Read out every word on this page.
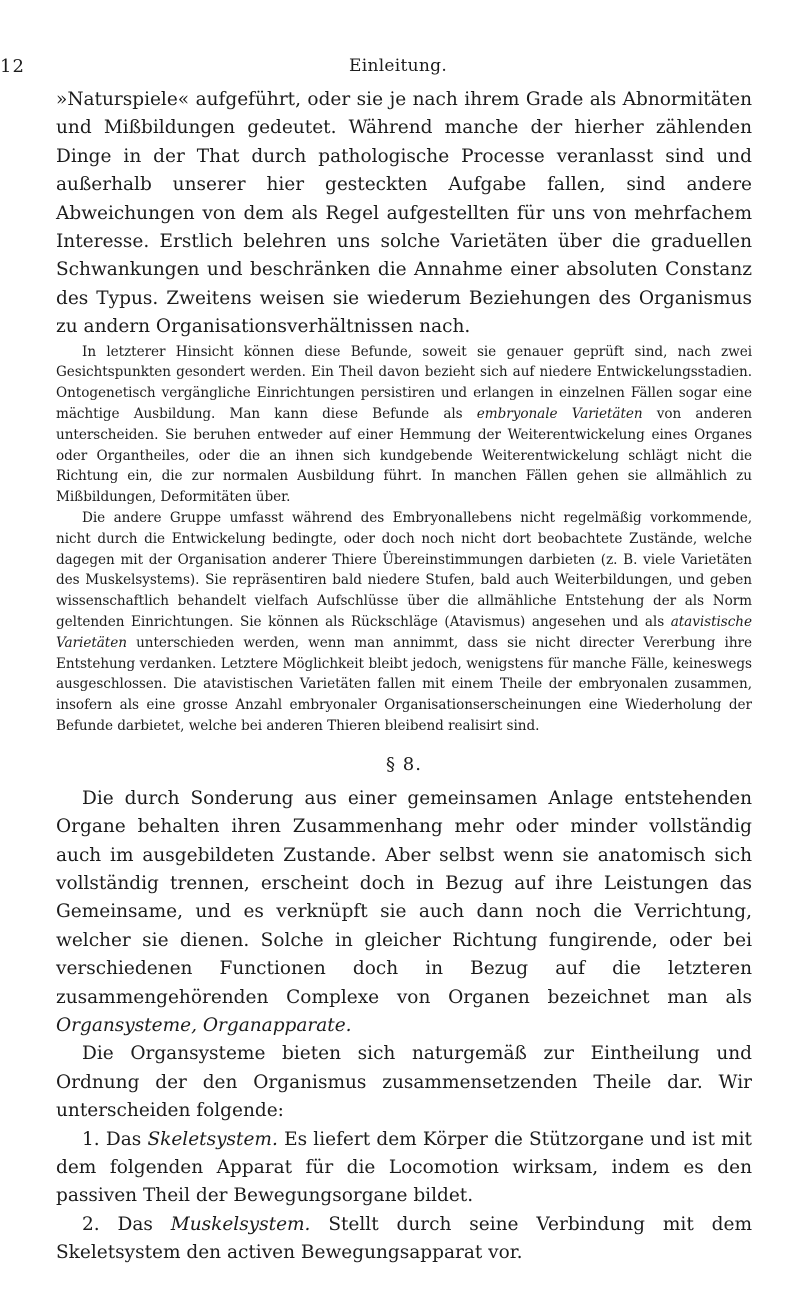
12	Einleitung.

»Naturspiele« aufgeführt, oder sie je nach ihrem Grade als Abnormitäten und Mißbildungen gedeutet. Während manche der hierher zählenden Dinge in der That durch pathologische Processe veranlasst sind und außerhalb unserer hier gesteckten Aufgabe fallen, sind andere Abweichungen von dem als Regel aufgestellten für uns von mehrfachem Interesse. Erstlich belehren uns solche Varietäten über die graduellen Schwankungen und beschränken die Annahme einer absoluten Constanz des Typus. Zweitens weisen sie wiederum Beziehungen des Organismus zu andern Organisationsverhältnissen nach.

In letzterer Hinsicht können diese Befunde, soweit sie genauer geprüft sind, nach zwei Gesichtspunkten gesondert werden. Ein Theil davon bezieht sich auf niedere Entwickelungsstadien. Ontogenetisch vergängliche Einrichtungen persistiren und erlangen in einzelnen Fällen sogar eine mächtige Ausbildung. Man kann diese Befunde als embryonale Varietäten von anderen unterscheiden. Sie beruhen entweder auf einer Hemmung der Weiterentwickelung eines Organes oder Organtheiles, oder die an ihnen sich kundgebende Weiterentwickelung schlägt nicht die Richtung ein, die zur normalen Ausbildung führt. In manchen Fällen gehen sie allmählich zu Mißbildungen, Deformitäten über.

Die andere Gruppe umfasst während des Embryonallebens nicht regelmäßig vorkommende, nicht durch die Entwickelung bedingte, oder doch noch nicht dort beobachtete Zustände, welche dagegen mit der Organisation anderer Thiere Übereinstimmungen darbieten (z. B. viele Varietäten des Muskelsystems). Sie repräsentiren bald niedere Stufen, bald auch Weiterbildungen, und geben wissenschaftlich behandelt vielfach Aufschlüsse über die allmähliche Entstehung der als Norm geltenden Einrichtungen. Sie können als Rückschläge (Atavismus) angesehen und als atavistische Varietäten unterschieden werden, wenn man annimmt, dass sie nicht directer Vererbung ihre Entstehung verdanken. Letztere Möglichkeit bleibt jedoch, wenigstens für manche Fälle, keineswegs ausgeschlossen. Die atavistischen Varietäten fallen mit einem Theile der embryonalen zusammen, insofern als eine grosse Anzahl embryonaler Organisationserscheinungen eine Wiederholung der Befunde darbietet, welche bei anderen Thieren bleibend realisirt sind.

§ 8.

Die durch Sonderung aus einer gemeinsamen Anlage entstehenden Organe behalten ihren Zusammenhang mehr oder minder vollständig auch im ausgebildeten Zustande. Aber selbst wenn sie anatomisch sich vollständig trennen, erscheint doch in Bezug auf ihre Leistungen das Gemeinsame, und es verknüpft sie auch dann noch die Verrichtung, welcher sie dienen. Solche in gleicher Richtung fungirende, oder bei verschiedenen Functionen doch in Bezug auf die letzteren zusammengehörenden Complexe von Organen bezeichnet man als Organsysteme, Organapparate.

Die Organsysteme bieten sich naturgemäß zur Eintheilung und Ordnung der den Organismus zusammensetzenden Theile dar. Wir unterscheiden folgende:

1. Das Skeletsystem. Es liefert dem Körper die Stützorgane und ist mit dem folgenden Apparat für die Locomotion wirksam, indem es den passiven Theil der Bewegungsorgane bildet.

2. Das Muskelsystem. Stellt durch seine Verbindung mit dem Skeletsystem den activen Bewegungsapparat vor.
